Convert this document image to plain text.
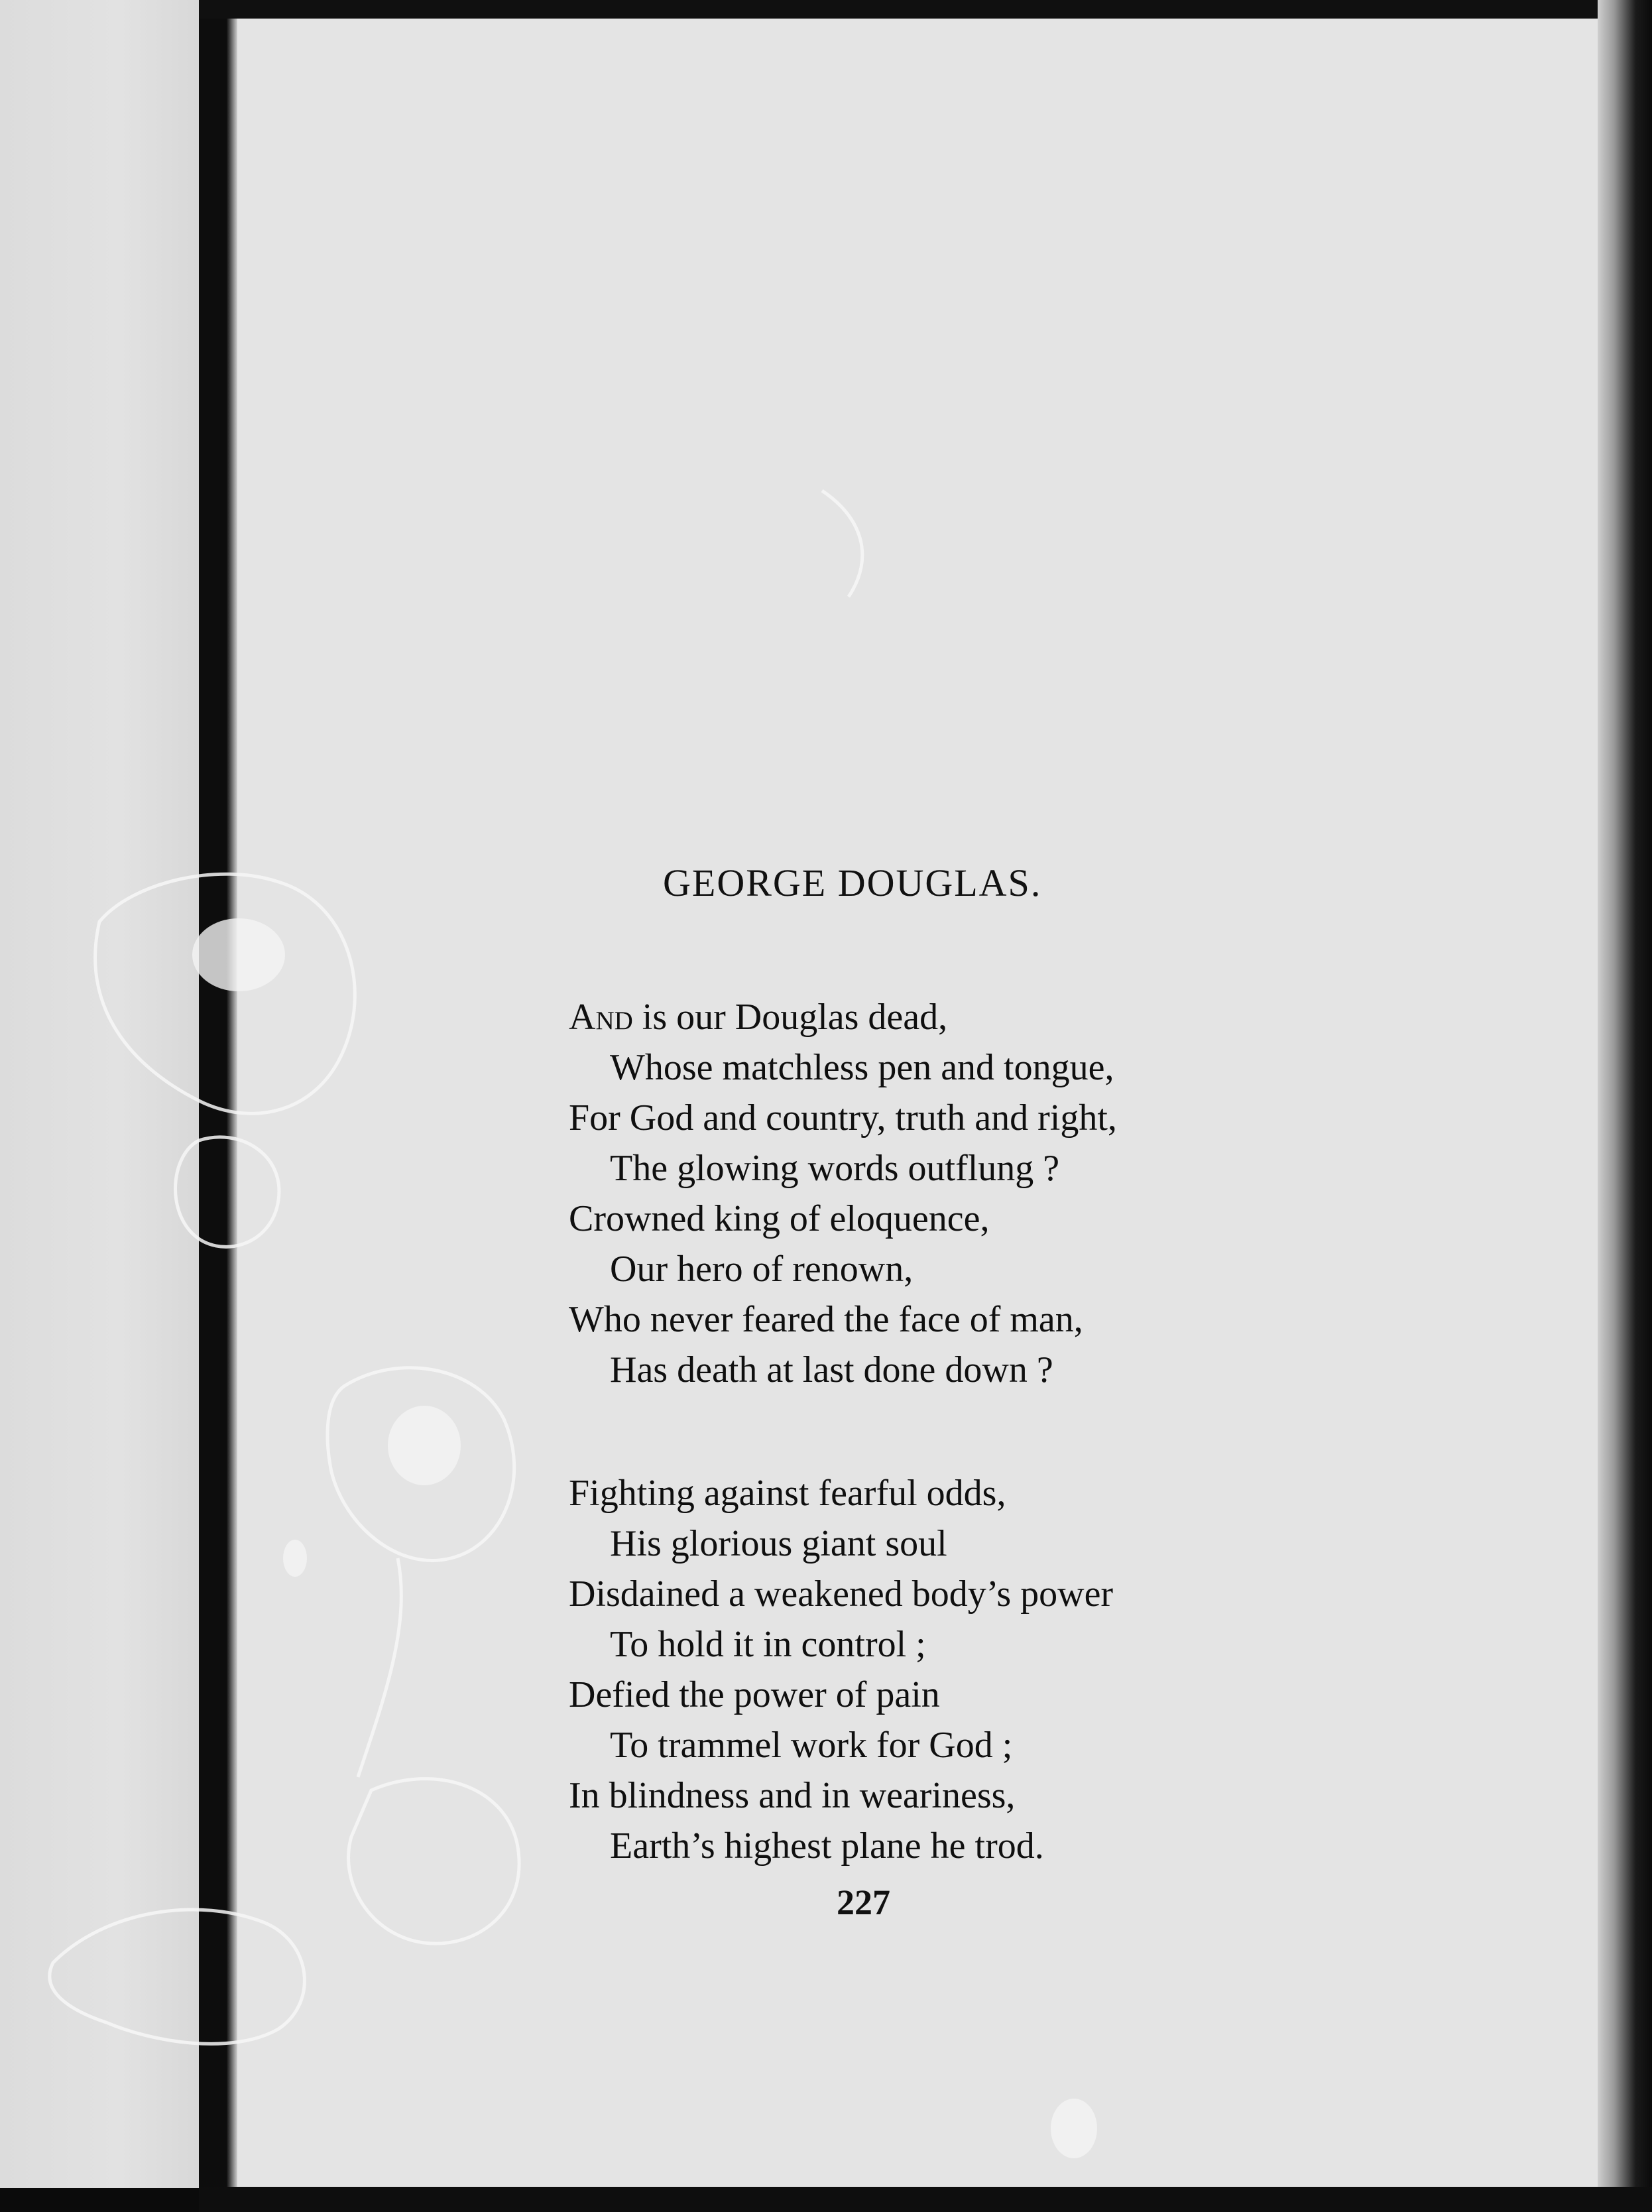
GEORGE DOUGLAS.
And is our Douglas dead,
Whose matchless pen and tongue,
For God and country, truth and right,
The glowing words outflung ?
Crowned king of eloquence,
Our hero of renown,
Who never feared the face of man,
Has death at last done down ?
Fighting against fearful odds,
His glorious giant soul
Disdained a weakened body’s power
To hold it in control ;
Defied the power of pain
To trammel work for God ;
In blindness and in weariness,
Earth’s highest plane he trod.
227
